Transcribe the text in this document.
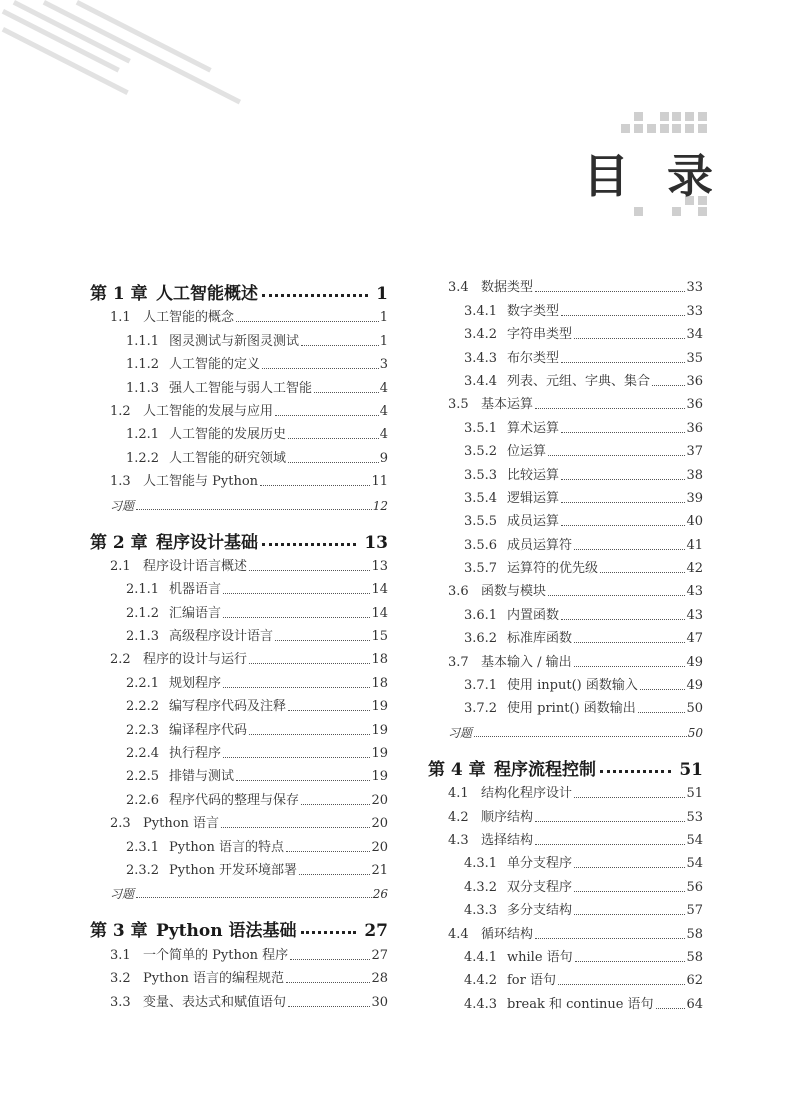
目录
第 1 章 人工智能概述	1
1.1 人工智能的概念	1
1.1.1 图灵测试与新图灵测试	1
1.1.2 人工智能的定义	3
1.1.3 强人工智能与弱人工智能	4
1.2 人工智能的发展与应用	4
1.2.1 人工智能的发展历史	4
1.2.2 人工智能的研究领域	9
1.3 人工智能与 Python	11
习题	12
第 2 章 程序设计基础	13
2.1 程序设计语言概述	13
2.1.1 机器语言	14
2.1.2 汇编语言	14
2.1.3 高级程序设计语言	15
2.2 程序的设计与运行	18
2.2.1 规划程序	18
2.2.2 编写程序代码及注释	19
2.2.3 编译程序代码	19
2.2.4 执行程序	19
2.2.5 排错与测试	19
2.2.6 程序代码的整理与保存	20
2.3 Python 语言	20
2.3.1 Python 语言的特点	20
2.3.2 Python 开发环境部署	21
习题	26
第 3 章 Python 语法基础	27
3.1 一个简单的 Python 程序	27
3.2 Python 语言的编程规范	28
3.3 变量、表达式和赋值语句	30
3.4 数据类型	33
3.4.1 数字类型	33
3.4.2 字符串类型	34
3.4.3 布尔类型	35
3.4.4 列表、元组、字典、集合	36
3.5 基本运算	36
3.5.1 算术运算	36
3.5.2 位运算	37
3.5.3 比较运算	38
3.5.4 逻辑运算	39
3.5.5 成员运算	40
3.5.6 成员运算符	41
3.5.7 运算符的优先级	42
3.6 函数与模块	43
3.6.1 内置函数	43
3.6.2 标准库函数	47
3.7 基本输入 / 输出	49
3.7.1 使用 input() 函数输入	49
3.7.2 使用 print() 函数输出	50
习题	50
第 4 章 程序流程控制	51
4.1 结构化程序设计	51
4.2 顺序结构	53
4.3 选择结构	54
4.3.1 单分支程序	54
4.3.2 双分支程序	56
4.3.3 多分支结构	57
4.4 循环结构	58
4.4.1 while 语句	58
4.4.2 for 语句	62
4.4.3 break 和 continue 语句	64
